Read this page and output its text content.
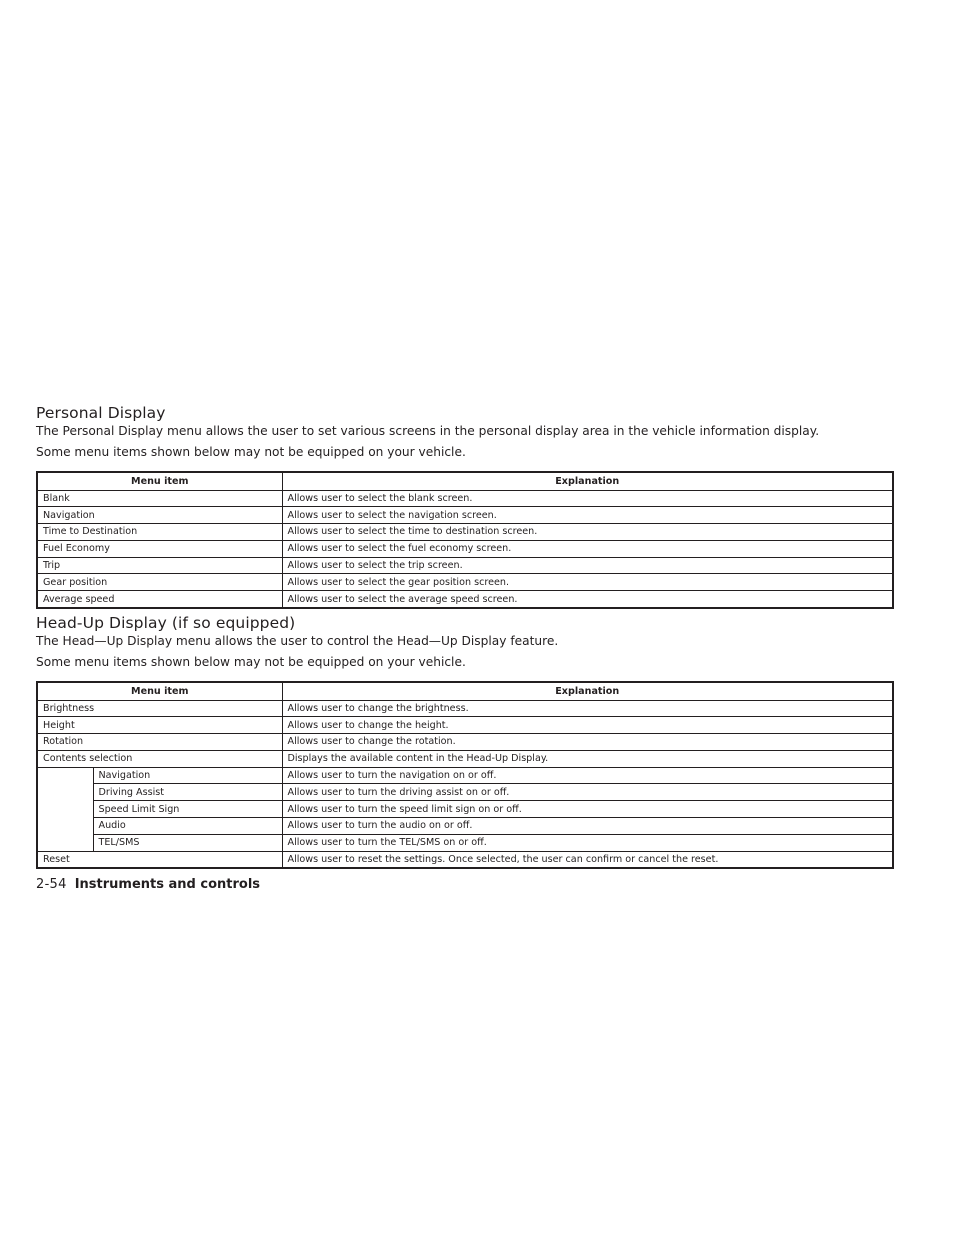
Personal Display

The Personal Display menu allows the user to set various screens in the personal display area in the vehicle information display.

Some menu items shown below may not be equipped on your vehicle.

Menu item	Explanation
Blank	Allows user to select the blank screen.
Navigation	Allows user to select the navigation screen.
Time to Destination	Allows user to select the time to destination screen.
Fuel Economy	Allows user to select the fuel economy screen.
Trip	Allows user to select the trip screen.
Gear position	Allows user to select the gear position screen.
Average speed	Allows user to select the average speed screen.
Head-Up Display (if so equipped)

The Head—Up Display menu allows the user to control the Head—Up Display feature.

Some menu items shown below may not be equipped on your vehicle.

Menu item		Explanation
Brightness		Allows user to change the brightness.
Height		Allows user to change the height.
Rotation		Allows user to change the rotation.
Contents selection		Displays the available content in the Head-Up Display.
	Navigation	Allows user to turn the navigation on or off.
	Driving Assist	Allows user to turn the driving assist on or off.
	Speed Limit Sign	Allows user to turn the speed limit sign on or off.
	Audio	Allows user to turn the audio on or off.
	TEL/SMS	Allows user to turn the TEL/SMS on or off.
Reset		Allows user to reset the settings. Once selected, the user can confirm or cancel the reset.
2-54 Instruments and controls
